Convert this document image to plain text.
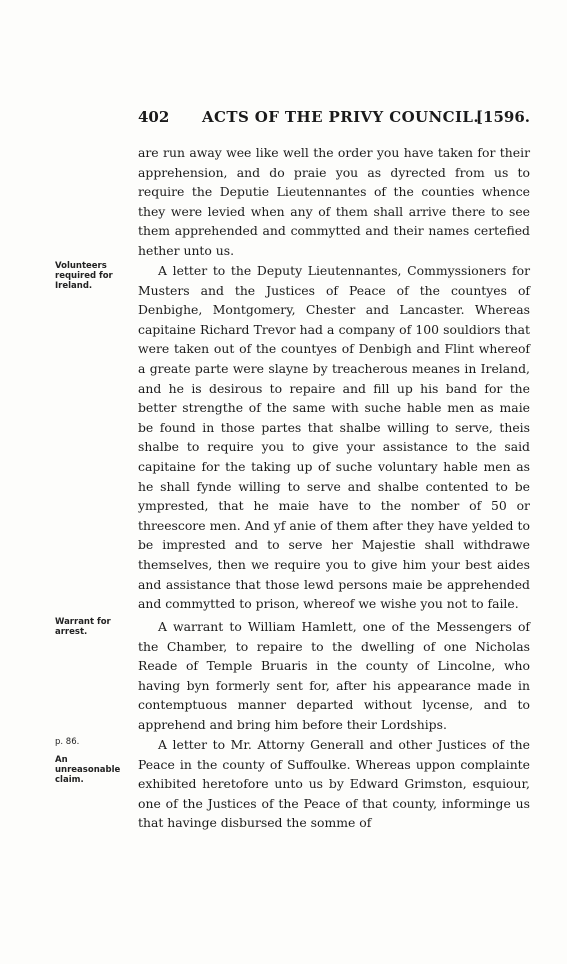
402 ACTS OF THE PRIVY COUNCIL.
[1596.

are run away wee like well the order you have taken for their apprehension, and do praie you as dyrected from us to require the Deputie Lieutennantes of the counties whence they were levied when any of them shall arrive there to see them apprehended and commytted and their names certefied hether unto us.

Volunteers required for Ireland.

A letter to the Deputy Lieutennantes, Commyssioners for Musters and the Justices of Peace of the countyes of Denbighe, Montgomery, Chester and Lancaster. Whereas capitaine Richard Trevor had a company of 100 souldiors that were taken out of the countyes of Denbigh and Flint whereof a greate parte were slayne by treacherous meanes in Ireland, and he is desirous to repaire and fill up his band for the better strengthe of the same with suche hable men as maie be found in those partes that shalbe willing to serve, theis shalbe to require you to give your assistance to the said capitaine for the taking up of suche voluntary hable men as he shall fynde willing to serve and shalbe contented to be ymprested, that he maie have to the nomber of 50 or threescore men. And yf anie of them after they have yelded to be imprested and to serve her Majestie shall withdrawe themselves, then we require you to give him your best aides and assistance that those lewd persons maie be apprehended and commytted to prison, whereof we wishe you not to faile.

Warrant for arrest.	A warrant to William Hamlett, one of the Messengers of the Chamber, to repaire to the dwelling of one Nicholas Reade of Temple Bruaris in the county of Lincolne, who having byn formerly sent for, after his appearance made in contemptuous manner departed without lycense, and to apprehend and bring him before their Lordships.

p. 86.
An unreasonable claim.

A letter to Mr. Attorny Generall and other Justices of the Peace in the county of Suffoulke. Whereas uppon complainte exhibited heretofore unto us by Edward Grimston, esquiour, one of the Justices of the Peace of that county, informinge us that havinge disbursed the somme of
